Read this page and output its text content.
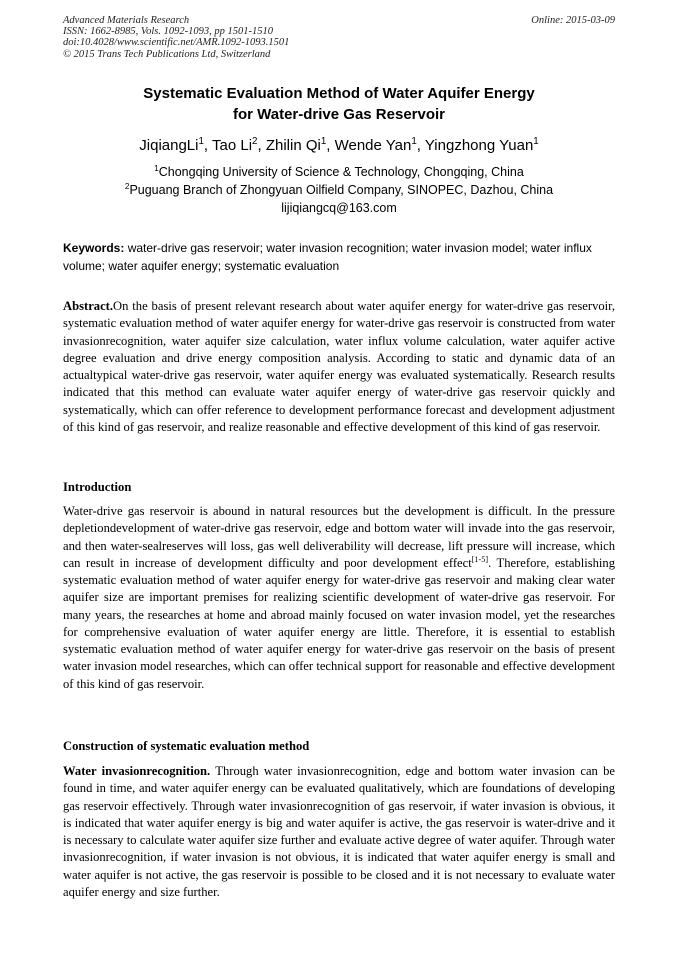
Advanced Materials Research
ISSN: 1662-8985, Vols. 1092-1093, pp 1501-1510
doi:10.4028/www.scientific.net/AMR.1092-1093.1501
© 2015 Trans Tech Publications Ltd, Switzerland
Online: 2015-03-09
Systematic Evaluation Method of Water Aquifer Energy
for Water-drive Gas Reservoir
JiqiangLi$^1$, Tao Li$^2$, Zhilin Qi$^1$, Wende Yan$^1$, Yingzhong Yuan$^1$
$^1$Chongqing University of Science & Technology, Chongqing, China
$^2$Puguang Branch of Zhongyuan Oilfield Company, SINOPEC, Dazhou, China
lijiqiangcq@163.com
Keywords: water-drive gas reservoir; water invasion recognition; water invasion model; water influx volume; water aquifer energy; systematic evaluation
Abstract.On the basis of present relevant research about water aquifer energy for water-drive gas reservoir, systematic evaluation method of water aquifer energy for water-drive gas reservoir is constructed from water invasionrecognition, water aquifer size calculation, water influx volume calculation, water aquifer active degree evaluation and drive energy composition analysis. According to static and dynamic data of an actualtypical water-drive gas reservoir, water aquifer energy was evaluated systematically. Research results indicated that this method can evaluate water aquifer energy of water-drive gas reservoir quickly and systematically, which can offer reference to development performance forecast and development adjustment of this kind of gas reservoir, and realize reasonable and effective development of this kind of gas reservoir.
Introduction
Water-drive gas reservoir is abound in natural resources but the development is difficult. In the pressure depletiondevelopment of water-drive gas reservoir, edge and bottom water will invade into the gas reservoir, and then water-sealreserves will loss, gas well deliverability will decrease, lift pressure will increase, which can result in increase of development difficulty and poor development effect[1-5]. Therefore, establishing systematic evaluation method of water aquifer energy for water-drive gas reservoir and making clear water aquifer size are important premises for realizing scientific development of water-drive gas reservoir. For many years, the researches at home and abroad mainly focused on water invasion model, yet the researches for comprehensive evaluation of water aquifer energy are little. Therefore, it is essential to establish systematic evaluation method of water aquifer energy for water-drive gas reservoir on the basis of present water invasion model researches, which can offer technical support for reasonable and effective development of this kind of gas reservoir.
Construction of systematic evaluation method
Water invasionrecognition. Through water invasionrecognition, edge and bottom water invasion can be found in time, and water aquifer energy can be evaluated qualitatively, which are foundations of developing gas reservoir effectively. Through water invasionrecognition of gas reservoir, if water invasion is obvious, it is indicated that water aquifer energy is big and water aquifer is active, the gas reservoir is water-drive and it is necessary to calculate water aquifer size further and evaluate active degree of water aquifer. Through water invasionrecognition, if water invasion is not obvious, it is indicated that water aquifer energy is small and water aquifer is not active, the gas reservoir is possible to be closed and it is not necessary to evaluate water aquifer energy and size further.
